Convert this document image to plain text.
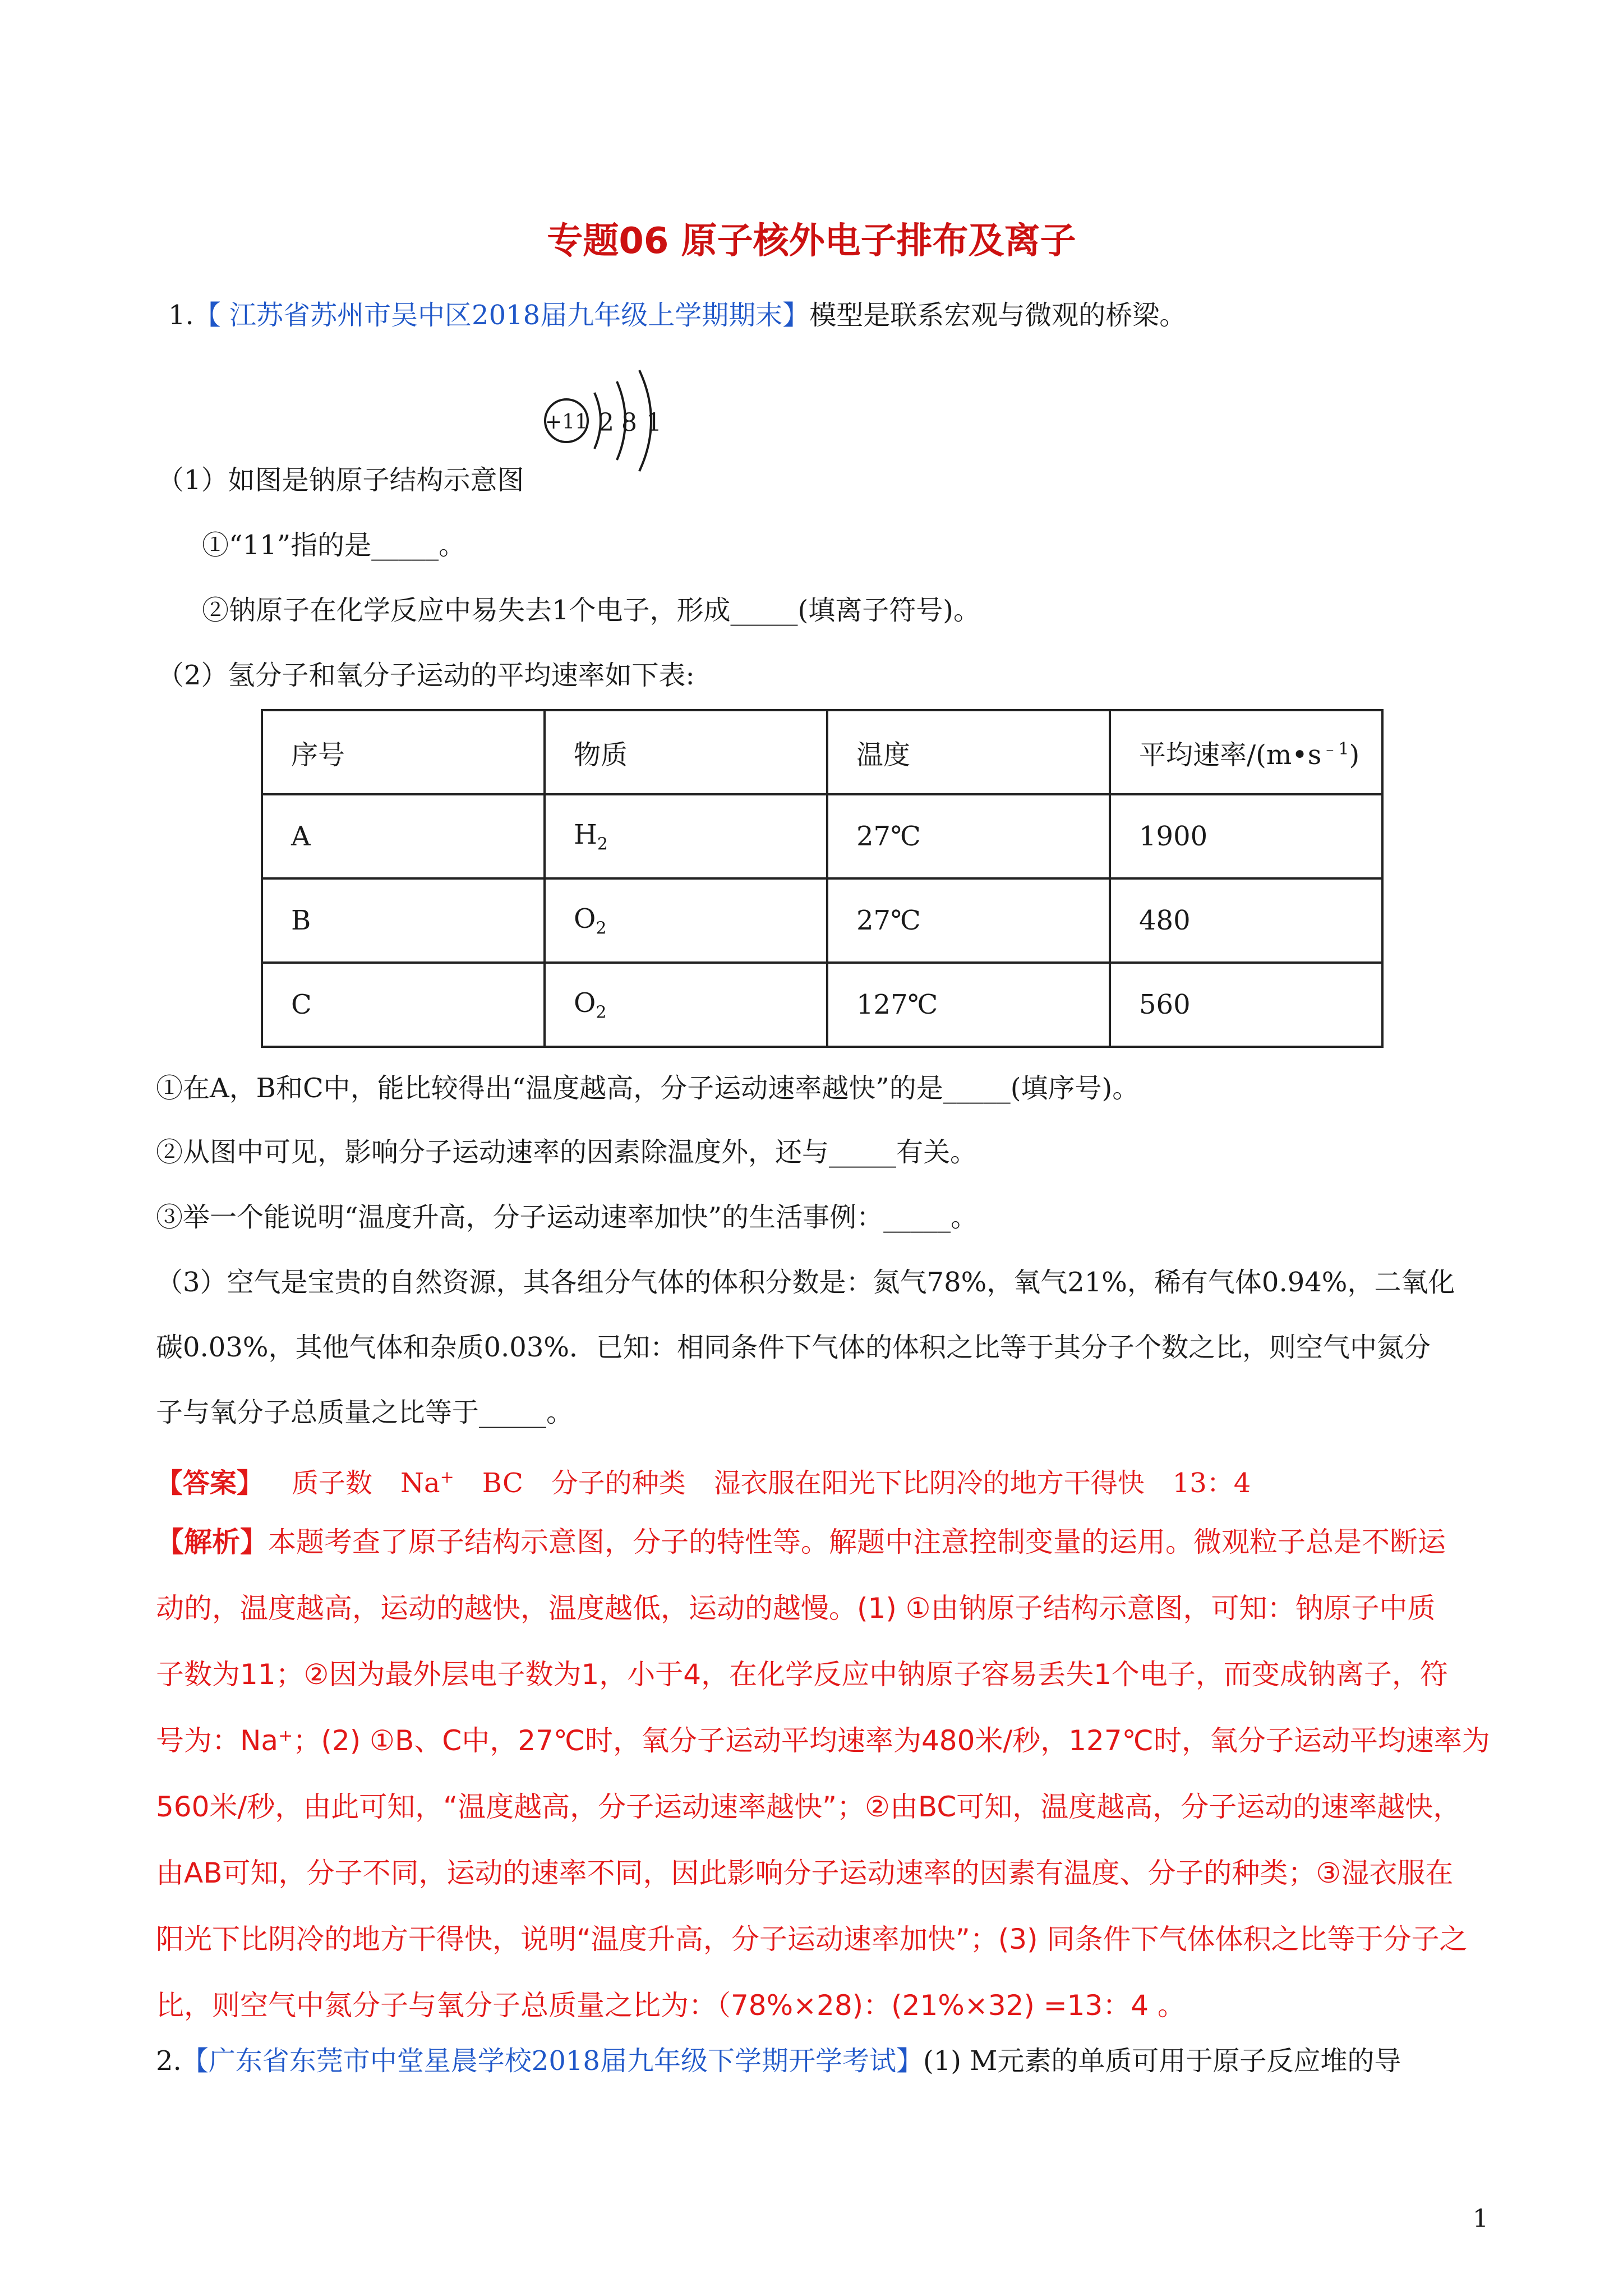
专题06 原子核外电子排布及离子
1.【 江苏省苏州市吴中区2018届九年级上学期期末】模型是联系宏观与微观的桥梁。
+11 2 8 1
（1）如图是钠原子结构示意图
①“11”指的是_____。
②钠原子在化学反应中易失去1个电子，形成_____(填离子符号)。
（2）氢分子和氧分子运动的平均速率如下表:
序号	物质	温度	平均速率$/(m•s^{﹣1})$
A	$H_2$	27℃	1900
B	$O_2$	27℃	480
C	$O_2$	127℃	560
①在A，B和C中，能比较得出“温度越高，分子运动速率越快”的是_____(填序号)。
②从图中可见，影响分子运动速率的因素除温度外，还与_____有关。
③举一个能说明“温度升高，分子运动速率加快”的生活事例：_____。
（3）空气是宝贵的自然资源，其各组分气体的体积分数是：氮气78%，氧气21%，稀有气体0.94%，二氧化
碳0.03%，其他气体和杂质0.03%．已知：相同条件下气体的体积之比等于其分子个数之比，则空气中氮分
子与氧分子总质量之比等于_____。
【答案】 质子数 Na+ BC 分子的种类 湿衣服在阳光下比阴冷的地方干得快 13：4
【解析】本题考查了原子结构示意图，分子的特性等。解题中注意控制变量的运用。微观粒子总是不断运
动的，温度越高，运动的越快，温度越低，运动的越慢。(1) ①由钠原子结构示意图，可知：钠原子中质
子数为11；②因为最外层电子数为1，小于4，在化学反应中钠原子容易丢失1个电子，而变成钠离子，符
号为：Na⁺；(2) ①B、C中，27℃时，氧分子运动平均速率为480米/秒，127℃时，氧分子运动平均速率为
560米/秒，由此可知，“温度越高，分子运动速率越快”；②由BC可知，温度越高，分子运动的速率越快，
由AB可知，分子不同，运动的速率不同，因此影响分子运动速率的因素有温度、分子的种类；③湿衣服在
阳光下比阴冷的地方干得快，说明“温度升高，分子运动速率加快”；(3) 同条件下气体体积之比等于分子之
比，则空气中氮分子与氧分子总质量之比为：（78%×28)：(21%×32) =13：4 。
2.【广东省东莞市中堂星晨学校2018届九年级下学期开学考试】(1) M元素的单质可用于原子反应堆的导
1
